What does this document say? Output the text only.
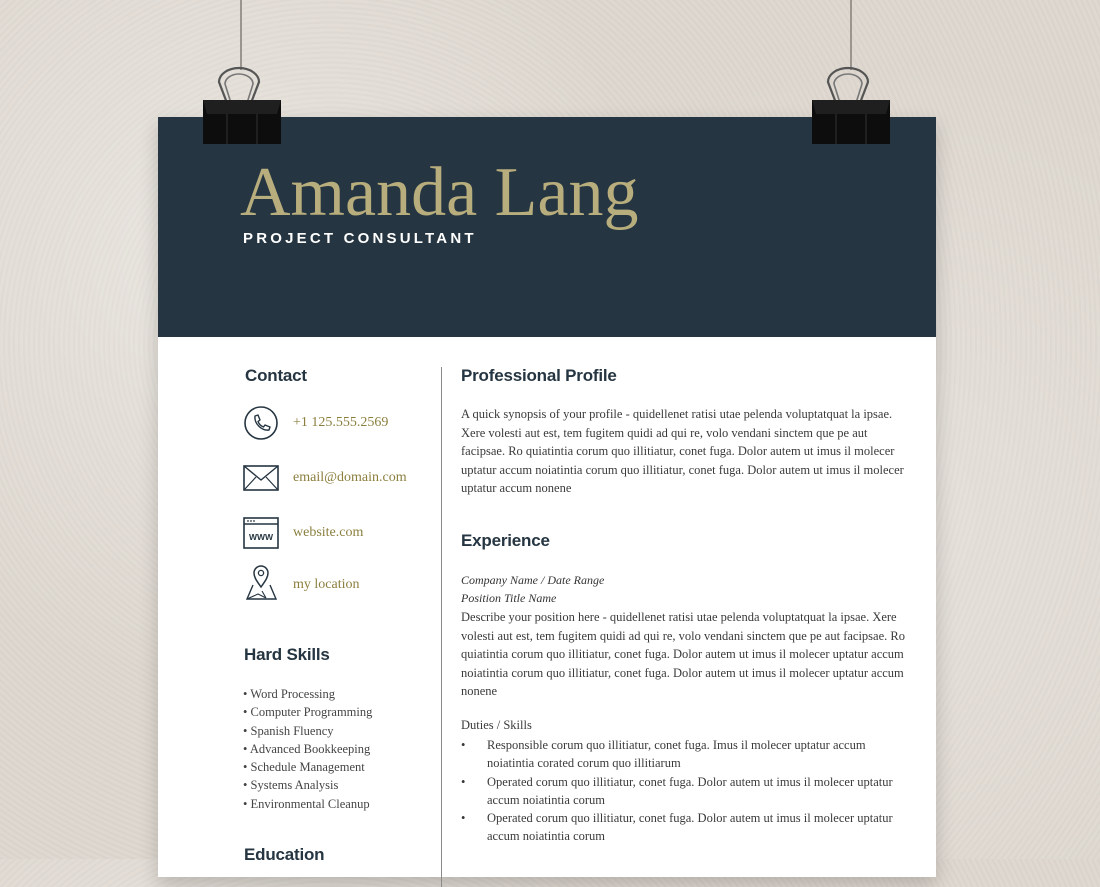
Amanda Lang
PROJECT CONSULTANT
Contact
+1 125.555.2569
email@domain.com
WWW website.com
my location
Hard Skills
• Word Processing
• Computer Programming
• Spanish Fluency
• Advanced Bookkeeping
• Schedule Management
• Systems Analysis
• Environmental Cleanup
Education
Professional Profile
A quick synopsis of your profile - quidellenet ratisi utae pelenda voluptatquat la ipsae. Xere volesti aut est, tem fugitem quidi ad qui re, volo vendani sinctem que pe aut facipsae. Ro quiatintia corum quo illitiatur, conet fuga. Dolor autem ut imus il molecer uptatur accum noiatintia corum quo illitiatur, conet fuga. Dolor autem ut imus il molecer uptatur accum nonene
Experience
Company Name / Date Range
Position Title Name
Describe your position here - quidellenet ratisi utae pelenda voluptatquat la ipsae. Xere volesti aut est, tem fugitem quidi ad qui re, volo vendani sinctem que pe aut facipsae. Ro quiatintia corum quo illitiatur, conet fuga. Dolor autem ut imus il molecer uptatur accum noiatintia corum quo illitiatur, conet fuga. Dolor autem ut imus il molecer uptatur accum nonene
Duties / Skills
• Responsible corum quo illitiatur, conet fuga. Imus il molecer uptatur accum noiatintia corated corum quo illitiarum
• Operated corum quo illitiatur, conet fuga. Dolor autem ut imus il molecer uptatur accum noiatintia corum
• Operated corum quo illitiatur, conet fuga. Dolor autem ut imus il molecer uptatur accum noiatintia corum
